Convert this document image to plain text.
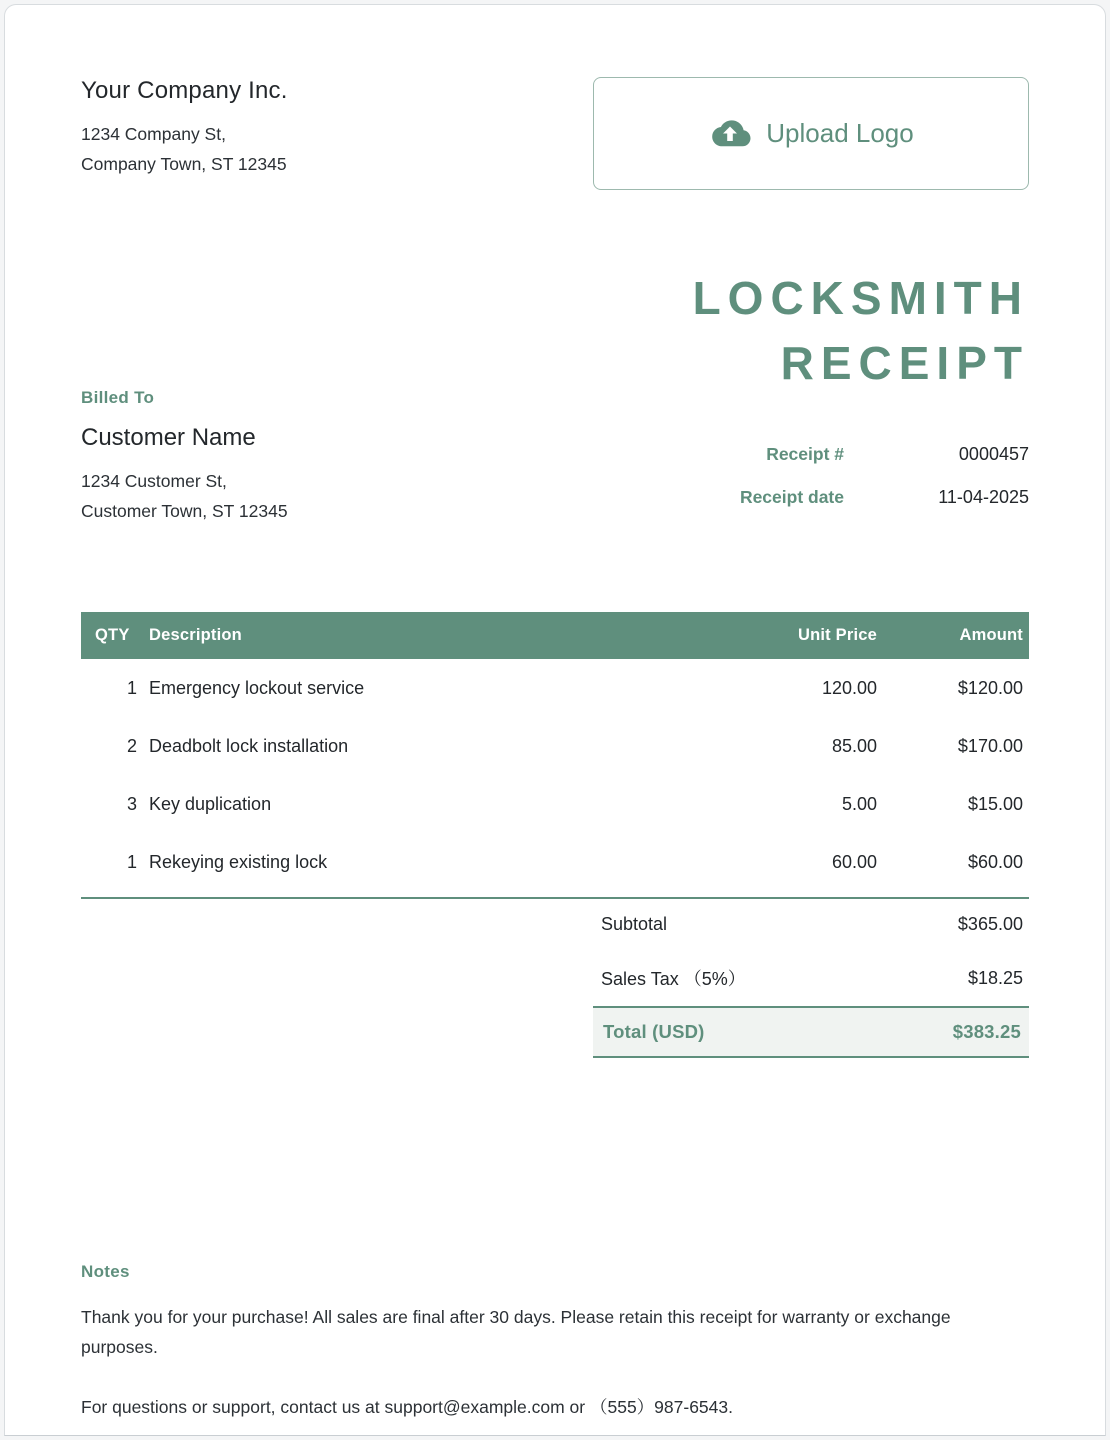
Your Company Inc.
1234 Company St,
Company Town, ST 12345
Upload Logo
Billed To
Customer Name
1234 Customer St,
Customer Town, ST 12345
LOCKSMITH
RECEIPT
Receipt #	0000457
Receipt date	11-04-2025
QTY	Description	Unit Price	Amount
1	Emergency lockout service	120.00	$120.00
2	Deadbolt lock installation	85.00	$170.00
3	Key duplication	5.00	$15.00
1	Rekeying existing lock	60.00	$60.00
Subtotal	$365.00
Sales Tax （5%）	$18.25
Total (USD)	$383.25
Notes

Thank you for your purchase! All sales are final after 30 days. Please retain this receipt for warranty or exchange purposes.

For questions or support, contact us at support@example.com or （555）987-6543.
